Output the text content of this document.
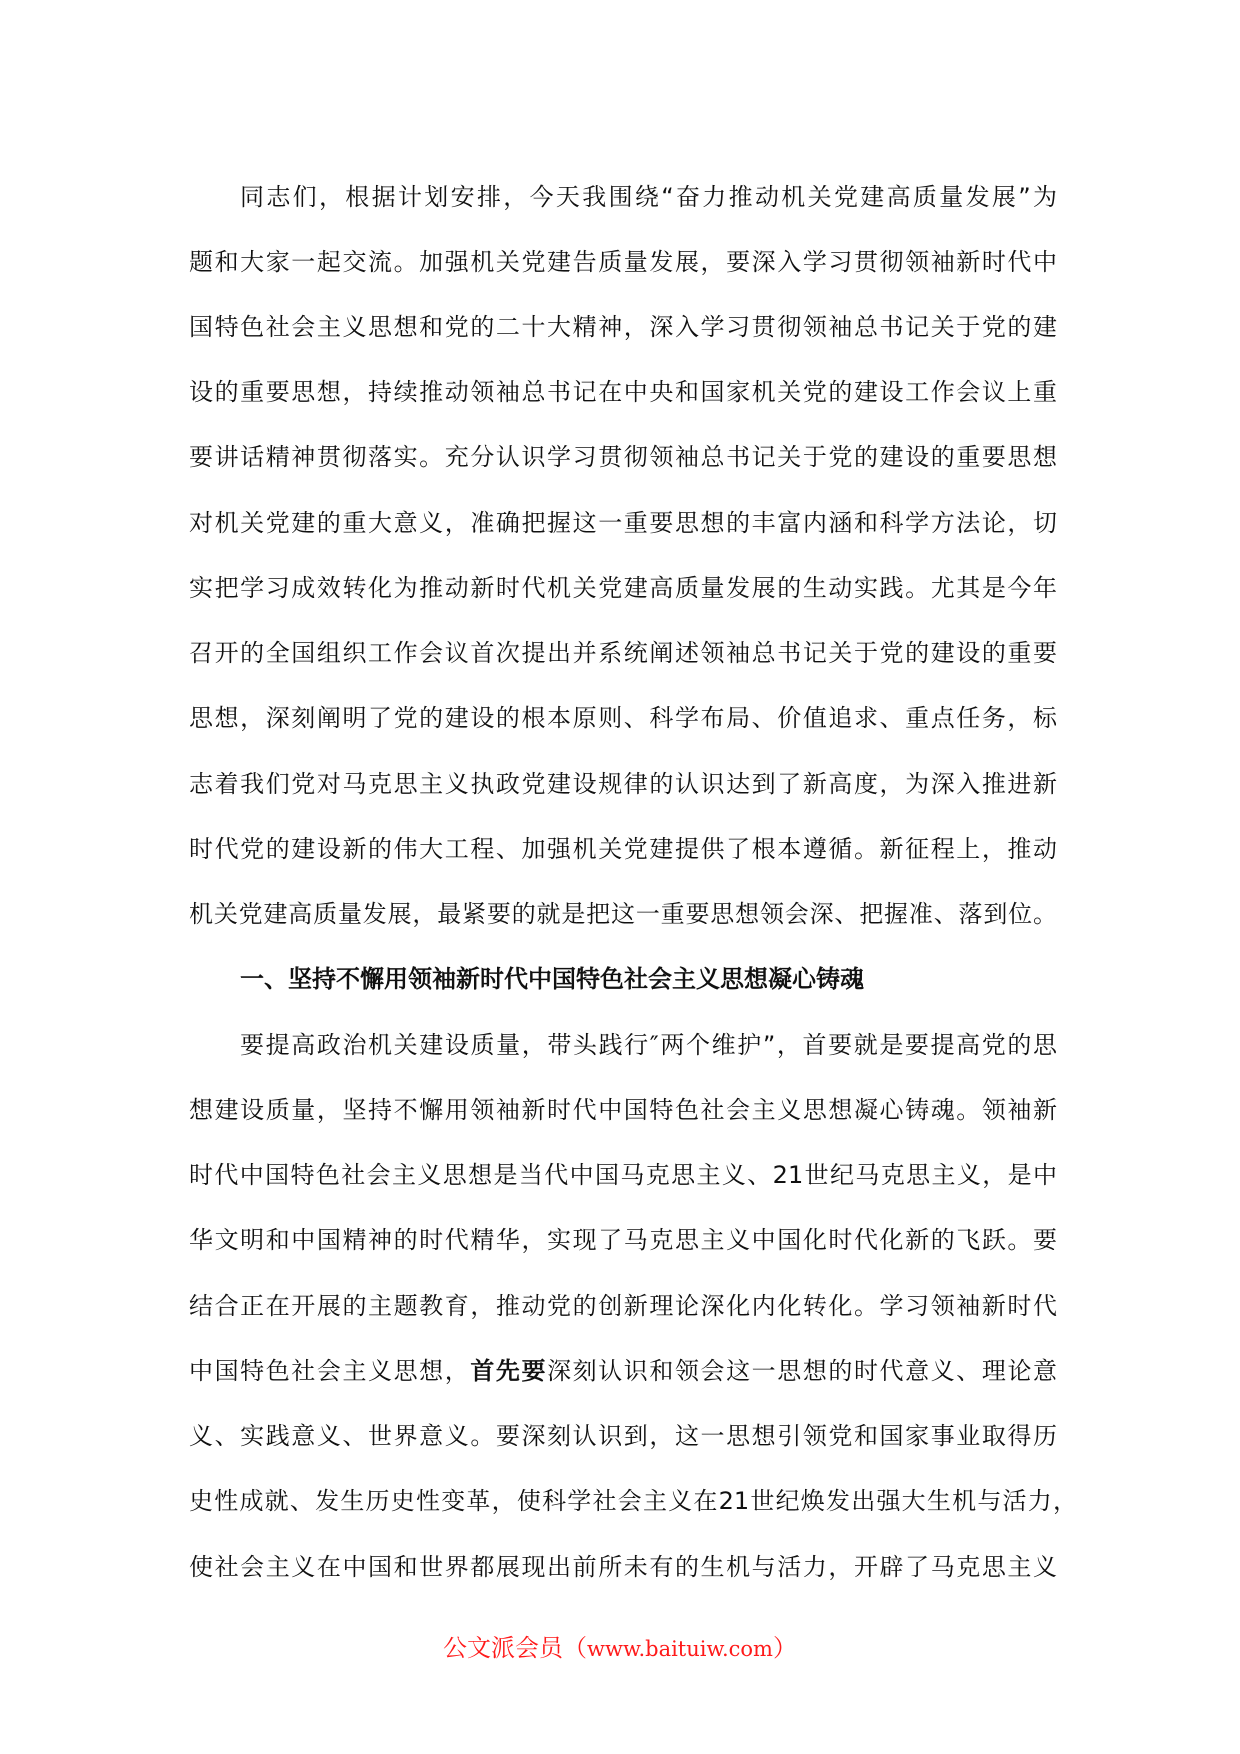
同志们，根据计划安排，今天我围绕“奋力推动机关党建高质量发展”为
题和大家一起交流。加强机关党建告质量发展，要深入学习贯彻领袖新时代中
国特色社会主义思想和党的二十大精神，深入学习贯彻领袖总书记关于党的建
设的重要思想，持续推动领袖总书记在中央和国家机关党的建设工作会议上重
要讲话精神贯彻落实。充分认识学习贯彻领袖总书记关于党的建设的重要思想
对机关党建的重大意义，准确把握这一重要思想的丰富内涵和科学方法论，切
实把学习成效转化为推动新时代机关党建高质量发展的生动实践。尤其是今年
召开的全国组织工作会议首次提出并系统阐述领袖总书记关于党的建设的重要
思想，深刻阐明了党的建设的根本原则、科学布局、价值追求、重点任务，标
志着我们党对马克思主义执政党建设规律的认识达到了新高度，为深入推进新
时代党的建设新的伟大工程、加强机关党建提供了根本遵循。新征程上，推动
机关党建高质量发展，最紧要的就是把这一重要思想领会深、把握准、落到位。
一、坚持不懈用领袖新时代中国特色社会主义思想凝心铸魂
要提高政治机关建设质量，带头践行″两个维护”，首要就是要提高党的思
想建设质量，坚持不懈用领袖新时代中国特色社会主义思想凝心铸魂。领袖新
时代中国特色社会主义思想是当代中国马克思主义、21世纪马克思主义，是中
华文明和中国精神的时代精华，实现了马克思主义中国化时代化新的飞跃。要
结合正在开展的主题教育，推动党的创新理论深化内化转化。学习领袖新时代
中国特色社会主义思想，首先要深刻认识和领会这一思想的时代意义、理论意
义、实践意义、世界意义。要深刻认识到，这一思想引领党和国家事业取得历
史性成就、发生历史性变革，使科学社会主义在21世纪焕发出强大生机与活力，
使社会主义在中国和世界都展现出前所未有的生机与活力，开辟了马克思主义
公文派会员（www.baituiw.com）
